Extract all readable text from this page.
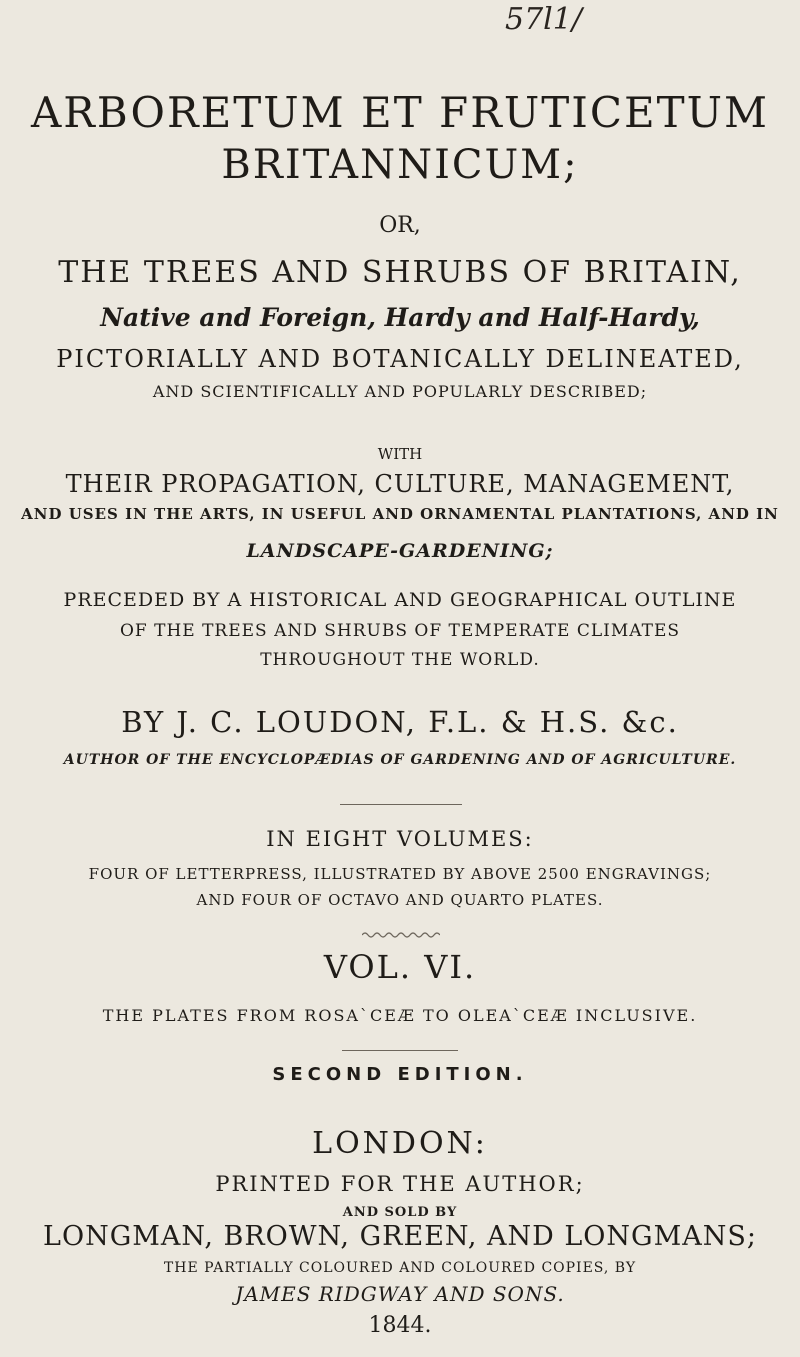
57l1/
ARBORETUM ET FRUTICETUM
BRITANNICUM;
OR,
THE TREES AND SHRUBS OF BRITAIN,
Native and Foreign, Hardy and Half-Hardy,
PICTORIALLY AND BOTANICALLY DELINEATED,
AND SCIENTIFICALLY AND POPULARLY DESCRIBED;
WITH
THEIR PROPAGATION, CULTURE, MANAGEMENT,
AND USES IN THE ARTS, IN USEFUL AND ORNAMENTAL PLANTATIONS, AND IN
LANDSCAPE-GARDENING;
PRECEDED BY A HISTORICAL AND GEOGRAPHICAL OUTLINE
OF THE TREES AND SHRUBS OF TEMPERATE CLIMATES
THROUGHOUT THE WORLD.
BY J. C. LOUDON, F.L. & H.S. &c.
AUTHOR OF THE ENCYCLOPÆDIAS OF GARDENING AND OF AGRICULTURE.
IN EIGHT VOLUMES:
FOUR OF LETTERPRESS, ILLUSTRATED BY ABOVE 2500 ENGRAVINGS;
AND FOUR OF OCTAVO AND QUARTO PLATES.
VOL. VI.
THE PLATES FROM ROSA`CEÆ TO OLEA`CEÆ INCLUSIVE.
SECOND EDITION.
LONDON:
PRINTED FOR THE AUTHOR;
AND SOLD BY
LONGMAN, BROWN, GREEN, AND LONGMANS;
THE PARTIALLY COLOURED AND COLOURED COPIES, BY
JAMES RIDGWAY AND SONS.
1844.
